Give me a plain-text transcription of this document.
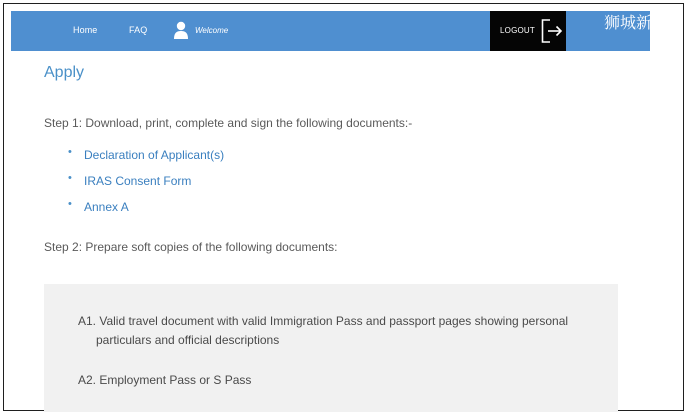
Home	FAQ	Welcome	LOGOUT	狮城新
Apply
Step 1: Download, print, complete and sign the following documents:-
• Declaration of Applicant(s)
• IRAS Consent Form
• Annex A
Step 2: Prepare soft copies of the following documents:
A1. Valid travel document with valid Immigration Pass and passport pages showing personal
particulars and official descriptions
A2. Employment Pass or S Pass
